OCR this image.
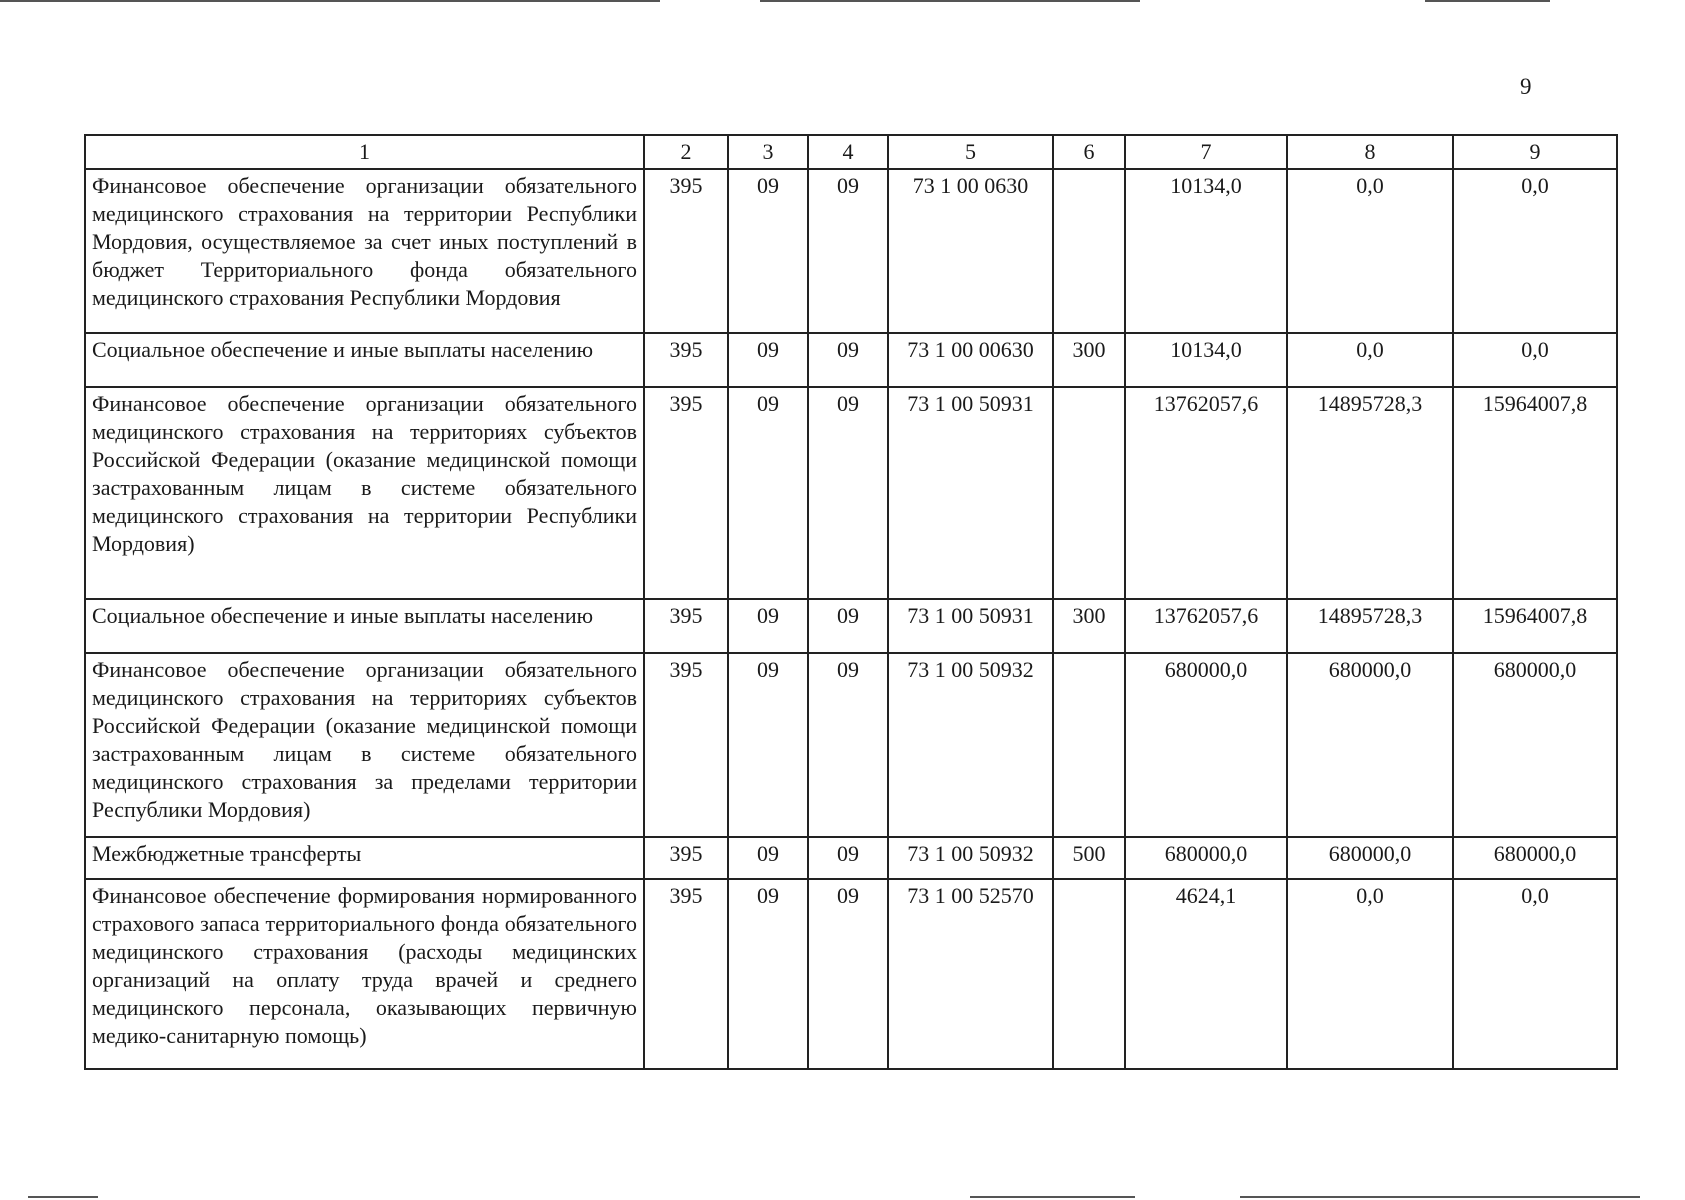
9
1	2	3	4	5	6	7	8	9
Финансовое обеспечение организации обязательного медицинского страхования на территории Республики Мордовия, осуществляемое за счет иных поступлений в бюджет Территориального фонда обязательного медицинского страхования Республики Мордовия	395	09	09	73 1 00 0630		10134,0	0,0	0,0
Социальное обеспечение и иные выплаты населению	395	09	09	73 1 00 00630	300	10134,0	0,0	0,0
Финансовое обеспечение организации обязательного медицинского страхования на территориях субъектов Российской Федерации (оказание медицинской помощи застрахованным лицам в системе обязательного медицинского страхования на территории Республики Мордовия)	395	09	09	73 1 00 50931		13762057,6	14895728,3	15964007,8
Социальное обеспечение и иные выплаты населению	395	09	09	73 1 00 50931	300	13762057,6	14895728,3	15964007,8
Финансовое обеспечение организации обязательного медицинского страхования на территориях субъектов Российской Федерации (оказание медицинской помощи застрахованным лицам в системе обязательного медицинского страхования за пределами территории Республики Мордовия)	395	09	09	73 1 00 50932		680000,0	680000,0	680000,0
Межбюджетные трансферты	395	09	09	73 1 00 50932	500	680000,0	680000,0	680000,0
Финансовое обеспечение формирования нормированного страхового запаса территориального фонда обязательного медицинского страхования (расходы медицинских организаций на оплату труда врачей и среднего медицинского персонала, оказывающих первичную медико-санитарную помощь)	395	09	09	73 1 00 52570		4624,1	0,0	0,0
